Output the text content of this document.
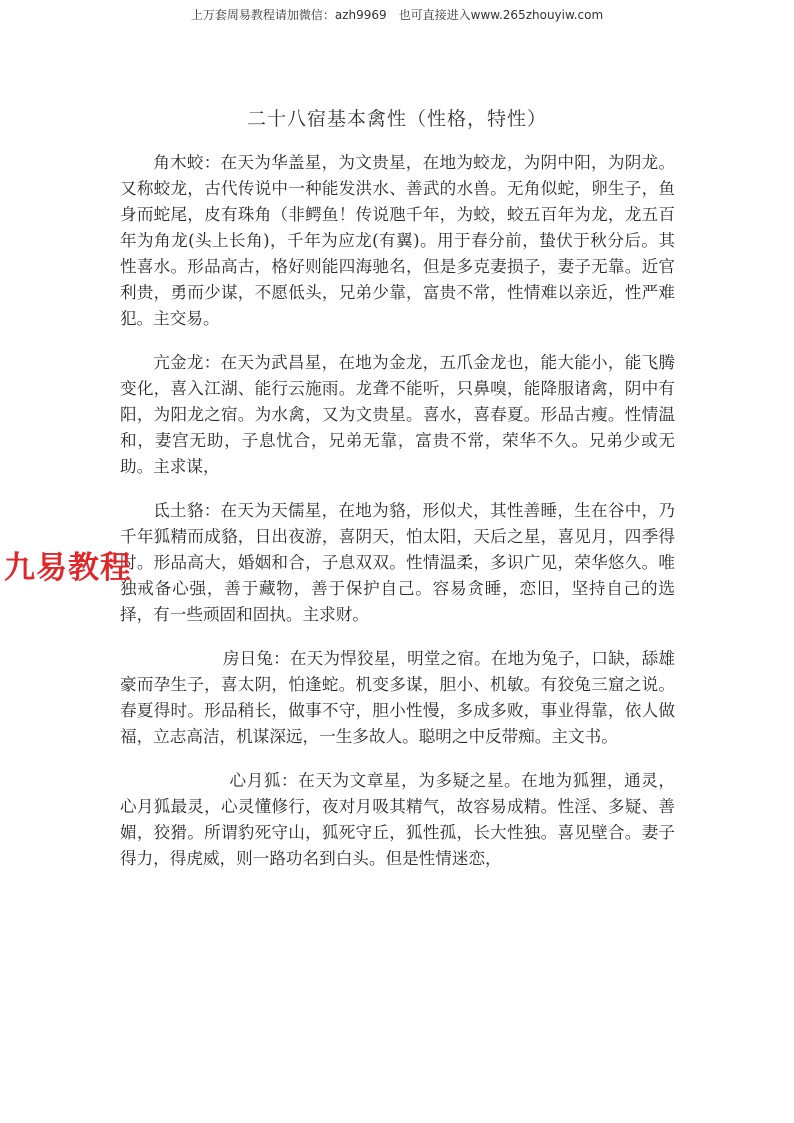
上万套周易教程请加微信：azh9969　也可直接进入www.265zhouyiw.com
二十八宿基本禽性（性格，特性）

角木蛟：在天为华盖星，为文贵星，在地为蛟龙，为阴中阳，为阴龙。又称蛟龙，古代传说中一种能发洪水、善武的水兽。无角似蛇，卵生子，鱼身而蛇尾，皮有珠角（非鳄鱼！传说虺千年，为蛟，蛟五百年为龙，龙五百年为角龙(头上长角)，千年为应龙(有翼)。用于春分前，蛰伏于秋分后。其性喜水。形品高古，格好则能四海驰名，但是多克妻损子，妻子无靠。近官利贵，勇而少谋，不愿低头，兄弟少靠，富贵不常，性情难以亲近，性严难犯。主交易。

亢金龙：在天为武昌星，在地为金龙，五爪金龙也，能大能小，能飞腾变化，喜入江湖、能行云施雨。龙聋不能听，只鼻嗅，能降服诸禽，阴中有阳，为阳龙之宿。为水禽，又为文贵星。喜水，喜春夏。形品古瘦。性情温和，妻宫无助，子息忧合，兄弟无靠，富贵不常，荣华不久。兄弟少或无助。主求谋，

氐土貉：在天为天儒星，在地为貉，形似犬，其性善睡，生在谷中，乃千年狐精而成貉，日出夜游，喜阴天，怕太阳，天后之星，喜见月，四季得时。形品高大，婚姻和合，子息双双。性情温柔，多识广见，荣华悠久。唯独戒备心强，善于藏物，善于保护自己。容易贪睡，恋旧，坚持自己的选择，有一些顽固和固执。主求财。

房日兔：在天为悍狡星，明堂之宿。在地为兔子，口缺，舔雄豪而孕生子，喜太阴，怕逢蛇。机变多谋，胆小、机敏。有狡兔三窟之说。春夏得时。形品稍长，做事不守，胆小性慢，多成多败，事业得靠，依人做福，立志高洁，机谋深远，一生多故人。聪明之中反带痴。主文书。

心月狐：在天为文章星，为多疑之星。在地为狐狸，通灵，心月狐最灵，心灵懂修行，夜对月吸其精气，故容易成精。性淫、多疑、善媚，狡猾。所谓豹死守山，狐死守丘，狐性孤，长大性独。喜见壁合。妻子得力，得虎威，则一路功名到白头。但是性情迷恋，

九易教程
